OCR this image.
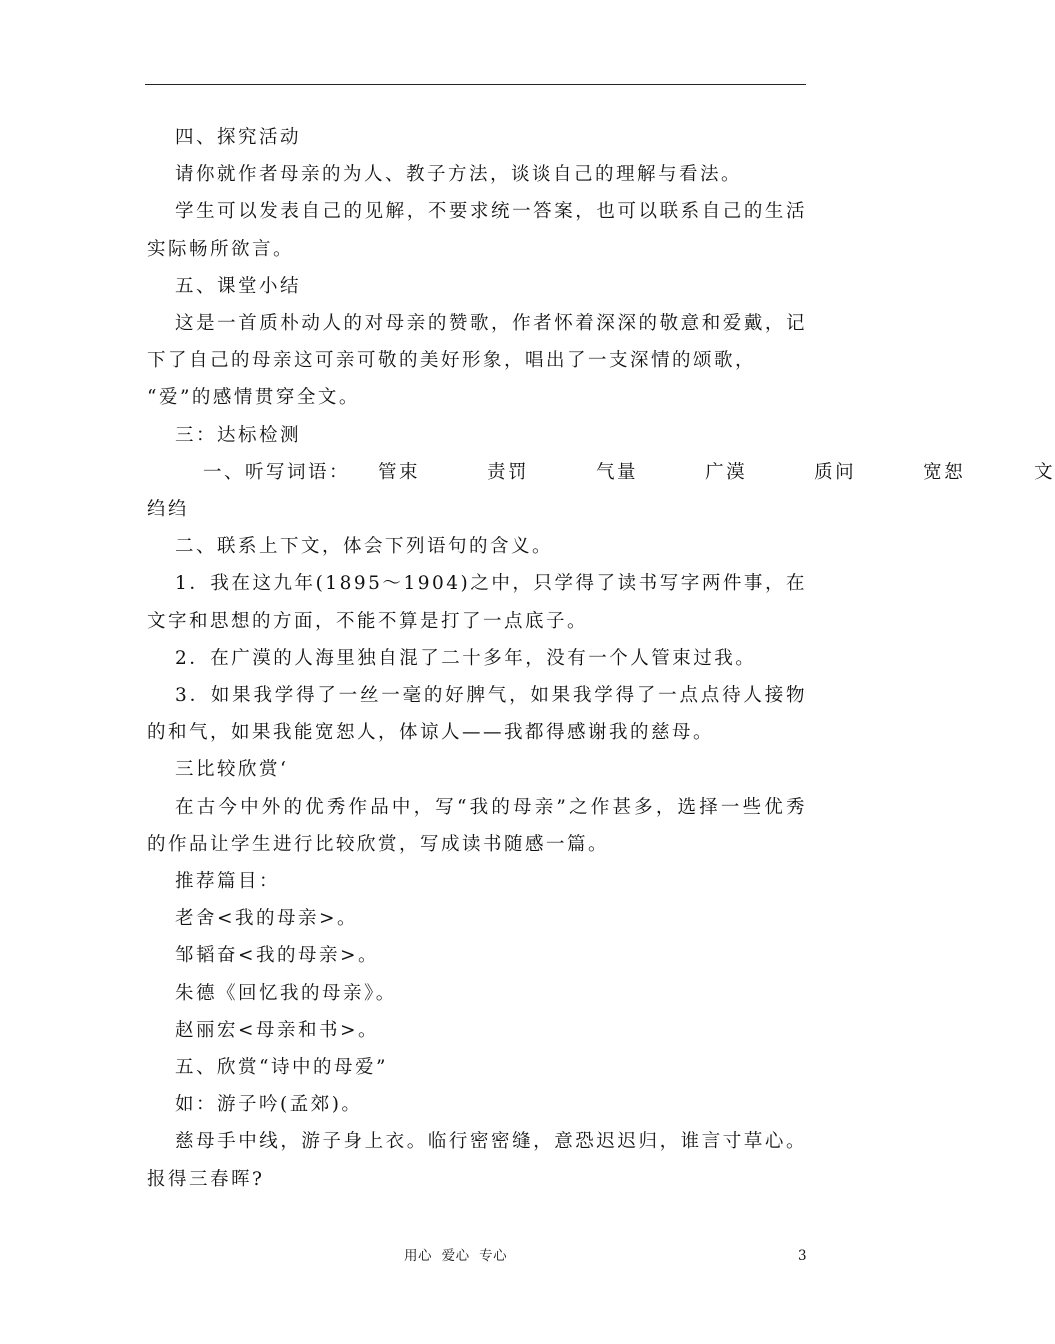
四、探究活动

请你就作者母亲的为人、教子方法，谈谈自己的理解与看法。

学生可以发表自己的见解，不要求统一答案，也可以联系自己的生活实际畅所欲言。

五、课堂小结

这是一首质朴动人的对母亲的赞歌，作者怀着深深的敬意和爱戴，记下了自己的母亲这可亲可敬的美好形象，唱出了一支深情的颂歌，

“爱”的感情贯穿全文。

三：达标检测

一、听写词语： 管束	责罚	气量	广漠	质问	宽恕	文

绉绉

二、联系上下文，体会下列语句的含义。

1．我在这九年(1895～1904)之中，只学得了读书写字两件事，在文字和思想的方面，不能不算是打了一点底子。

2．在广漠的人海里独自混了二十多年，没有一个人管束过我。

3．如果我学得了一丝一毫的好脾气，如果我学得了一点点待人接物的和气，如果我能宽恕人，体谅人——我都得感谢我的慈母。

三比较欣赏‘

在古今中外的优秀作品中，写“我的母亲”之作甚多，选择一些优秀的作品让学生进行比较欣赏，写成读书随感一篇。

推荐篇目：

老舍<我的母亲>。

邹韬奋<我的母亲>。

朱德《回忆我的母亲》。

赵丽宏<母亲和书>。

五、欣赏“诗中的母爱”

如：游子吟(孟郊)。

慈母手中线，游子身上衣。临行密密缝，意恐迟迟归，谁言寸草心。报得三春晖?

用心  爱心  专心	3
